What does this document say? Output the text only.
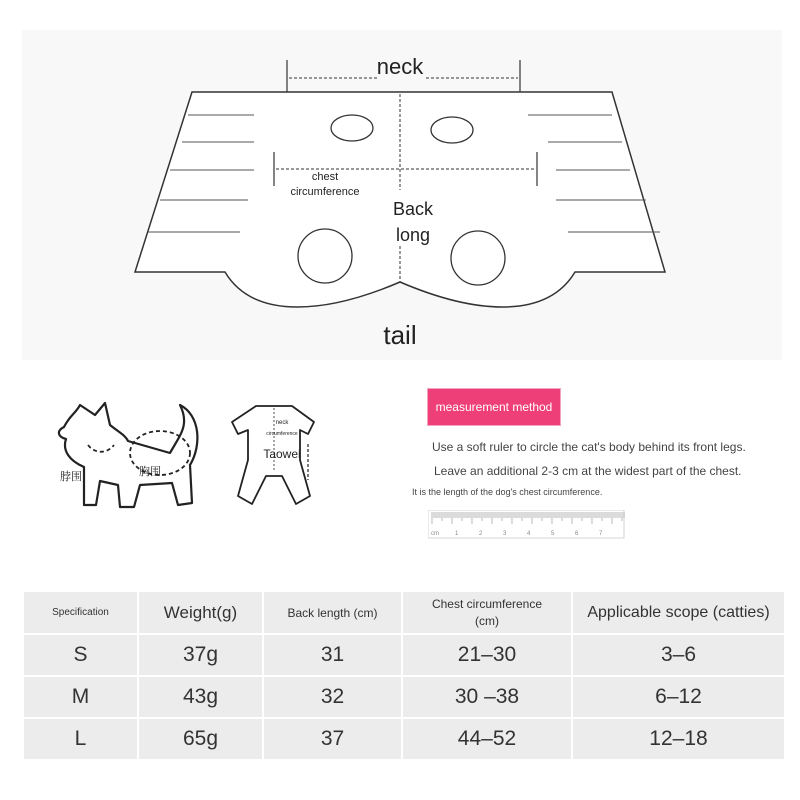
neck
chest
circumference
Back
long
tail
脖围	胸围
neck
circumference
Taowei
measurement method
Use a soft ruler to circle the cat's body behind its front legs.
Leave an additional 2-3 cm at the widest part of the chest.
It is the length of the dog's chest circumference.
cm	1	2	3	4	5	6	7
Specification	Weight(g)	Back length (cm)	Chest circumference
(cm)	Applicable scope (catties)
S	37g	31	21–30	3–6
M	43g	32	30 –38	6–12
L	65g	37	44–52	12–18
